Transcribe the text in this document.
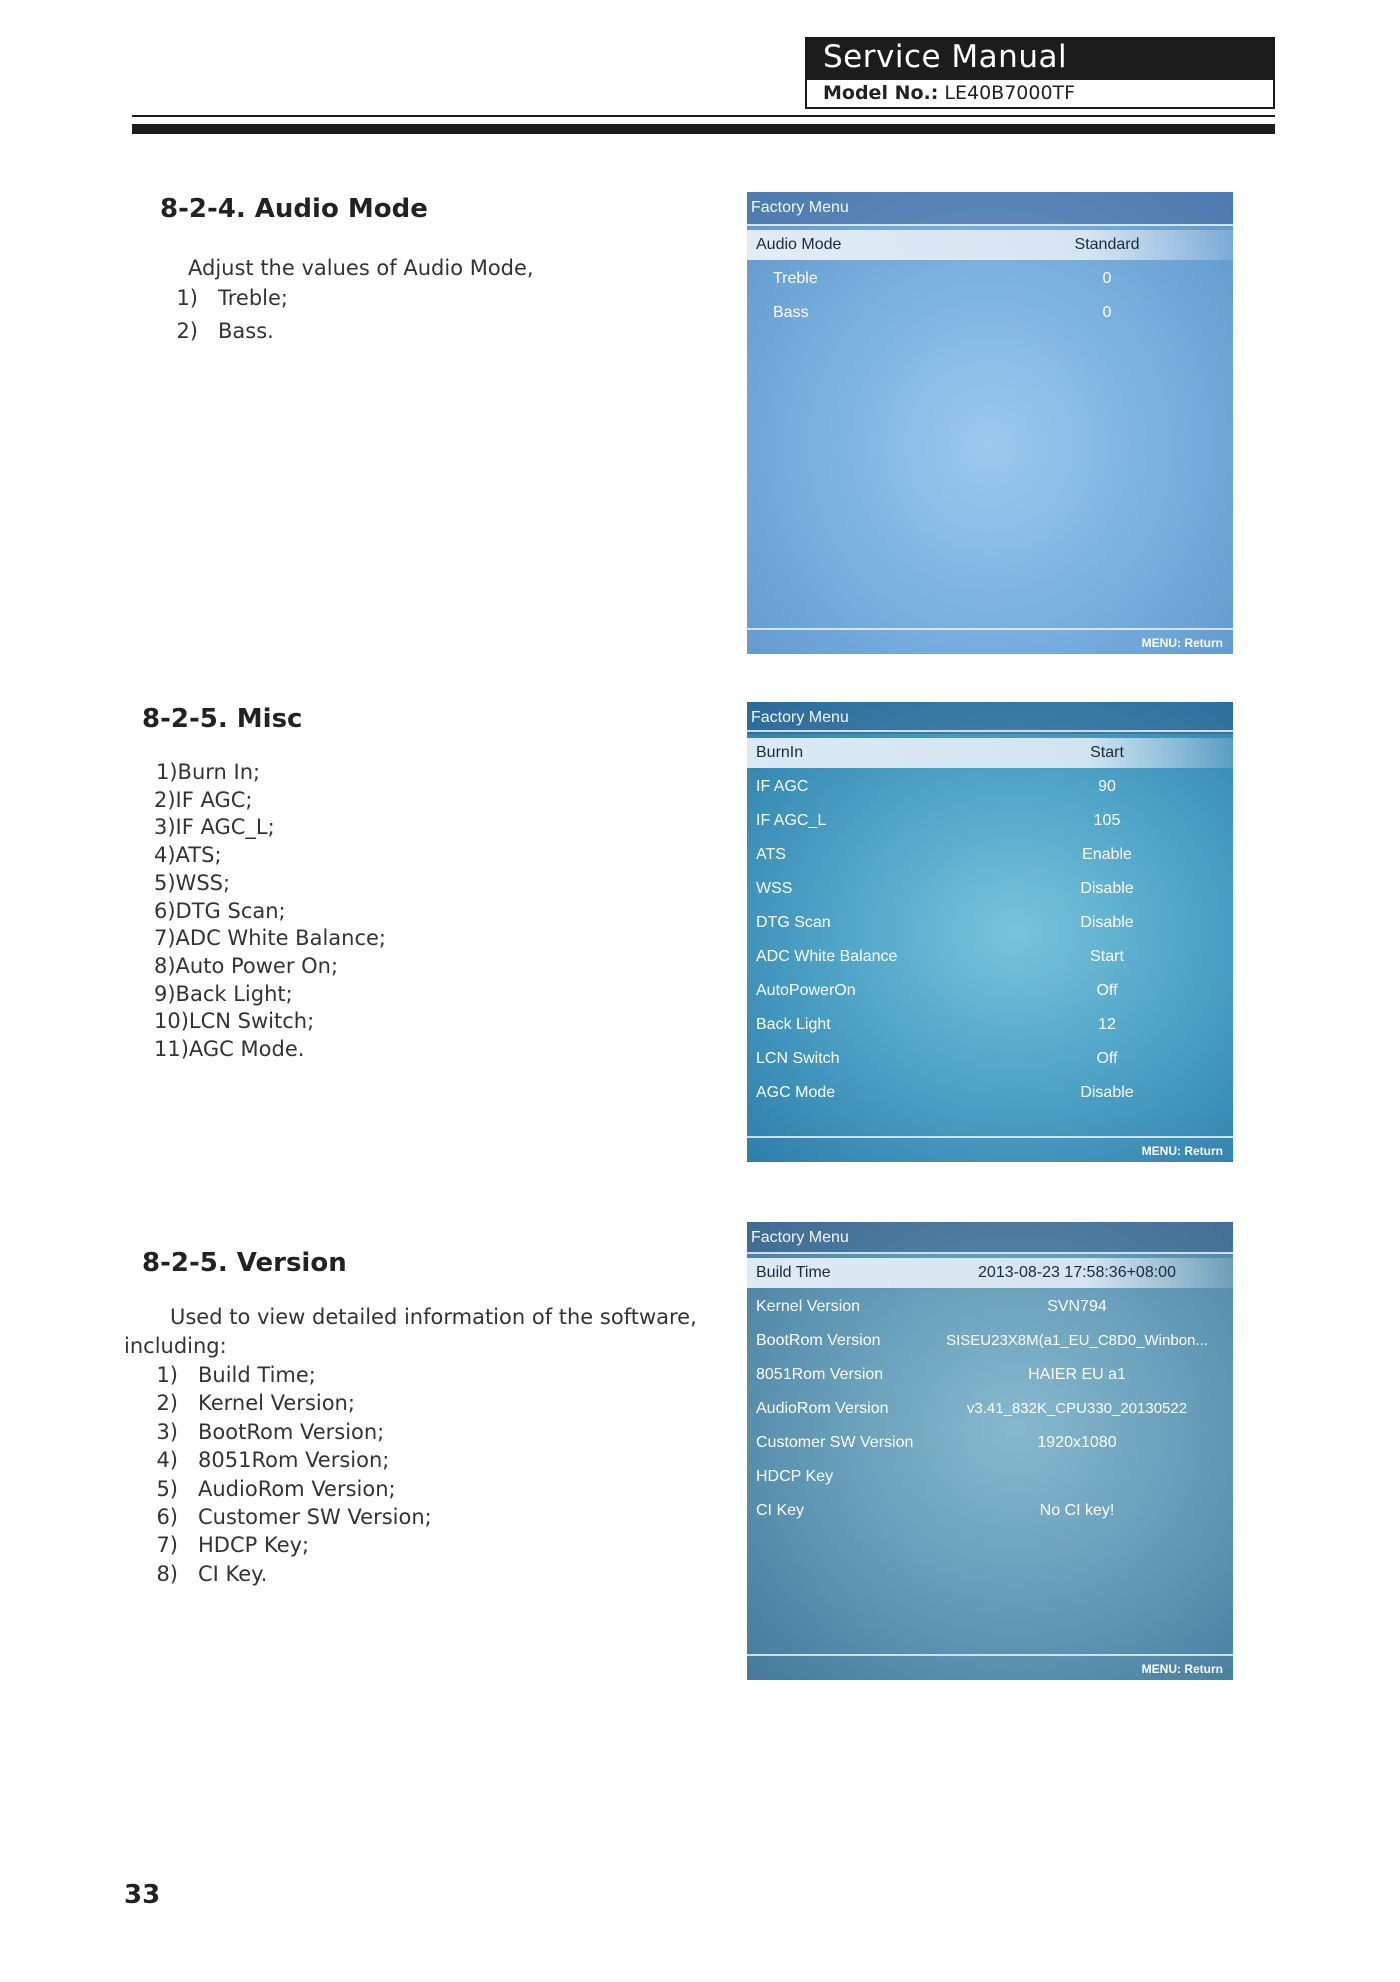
Service Manual
Model No.: LE40B7000TF
8-2-4. Audio Mode
Adjust the values of Audio Mode,
1) Treble;
2) Bass.
Factory Menu
Audio Mode	Standard
Treble	0
Bass	0
MENU: Return
8-2-5. Misc
1)Burn In;
2)IF AGC;
3)IF AGC_L;
4)ATS;
5)WSS;
6)DTG Scan;
7)ADC White Balance;
8)Auto Power On;
9)Back Light;
10)LCN Switch;
11)AGC Mode.
Factory Menu
BurnIn	Start
IF AGC	90
IF AGC_L	105
ATS	Enable
WSS	Disable
DTG Scan	Disable
ADC White Balance	Start
AutoPowerOn	Off
Back Light	12
LCN Switch	Off
AGC Mode	Disable
MENU: Return
8-2-5. Version
Used to view detailed information of the software,
including:
1) Build Time;
2) Kernel Version;
3) BootRom Version;
4) 8051Rom Version;
5) AudioRom Version;
6) Customer SW Version;
7) HDCP Key;
8) CI Key.
Factory Menu
Build Time	2013-08-23 17:58:36+08:00
Kernel Version	SVN794
BootRom Version	SISEU23X8M(a1_EU_C8D0_Winbon...
8051Rom Version	HAIER EU a1
AudioRom Version	v3.41_832K_CPU330_20130522
Customer SW Version	1920x1080
HDCP Key
CI Key	No CI key!
MENU: Return
33
